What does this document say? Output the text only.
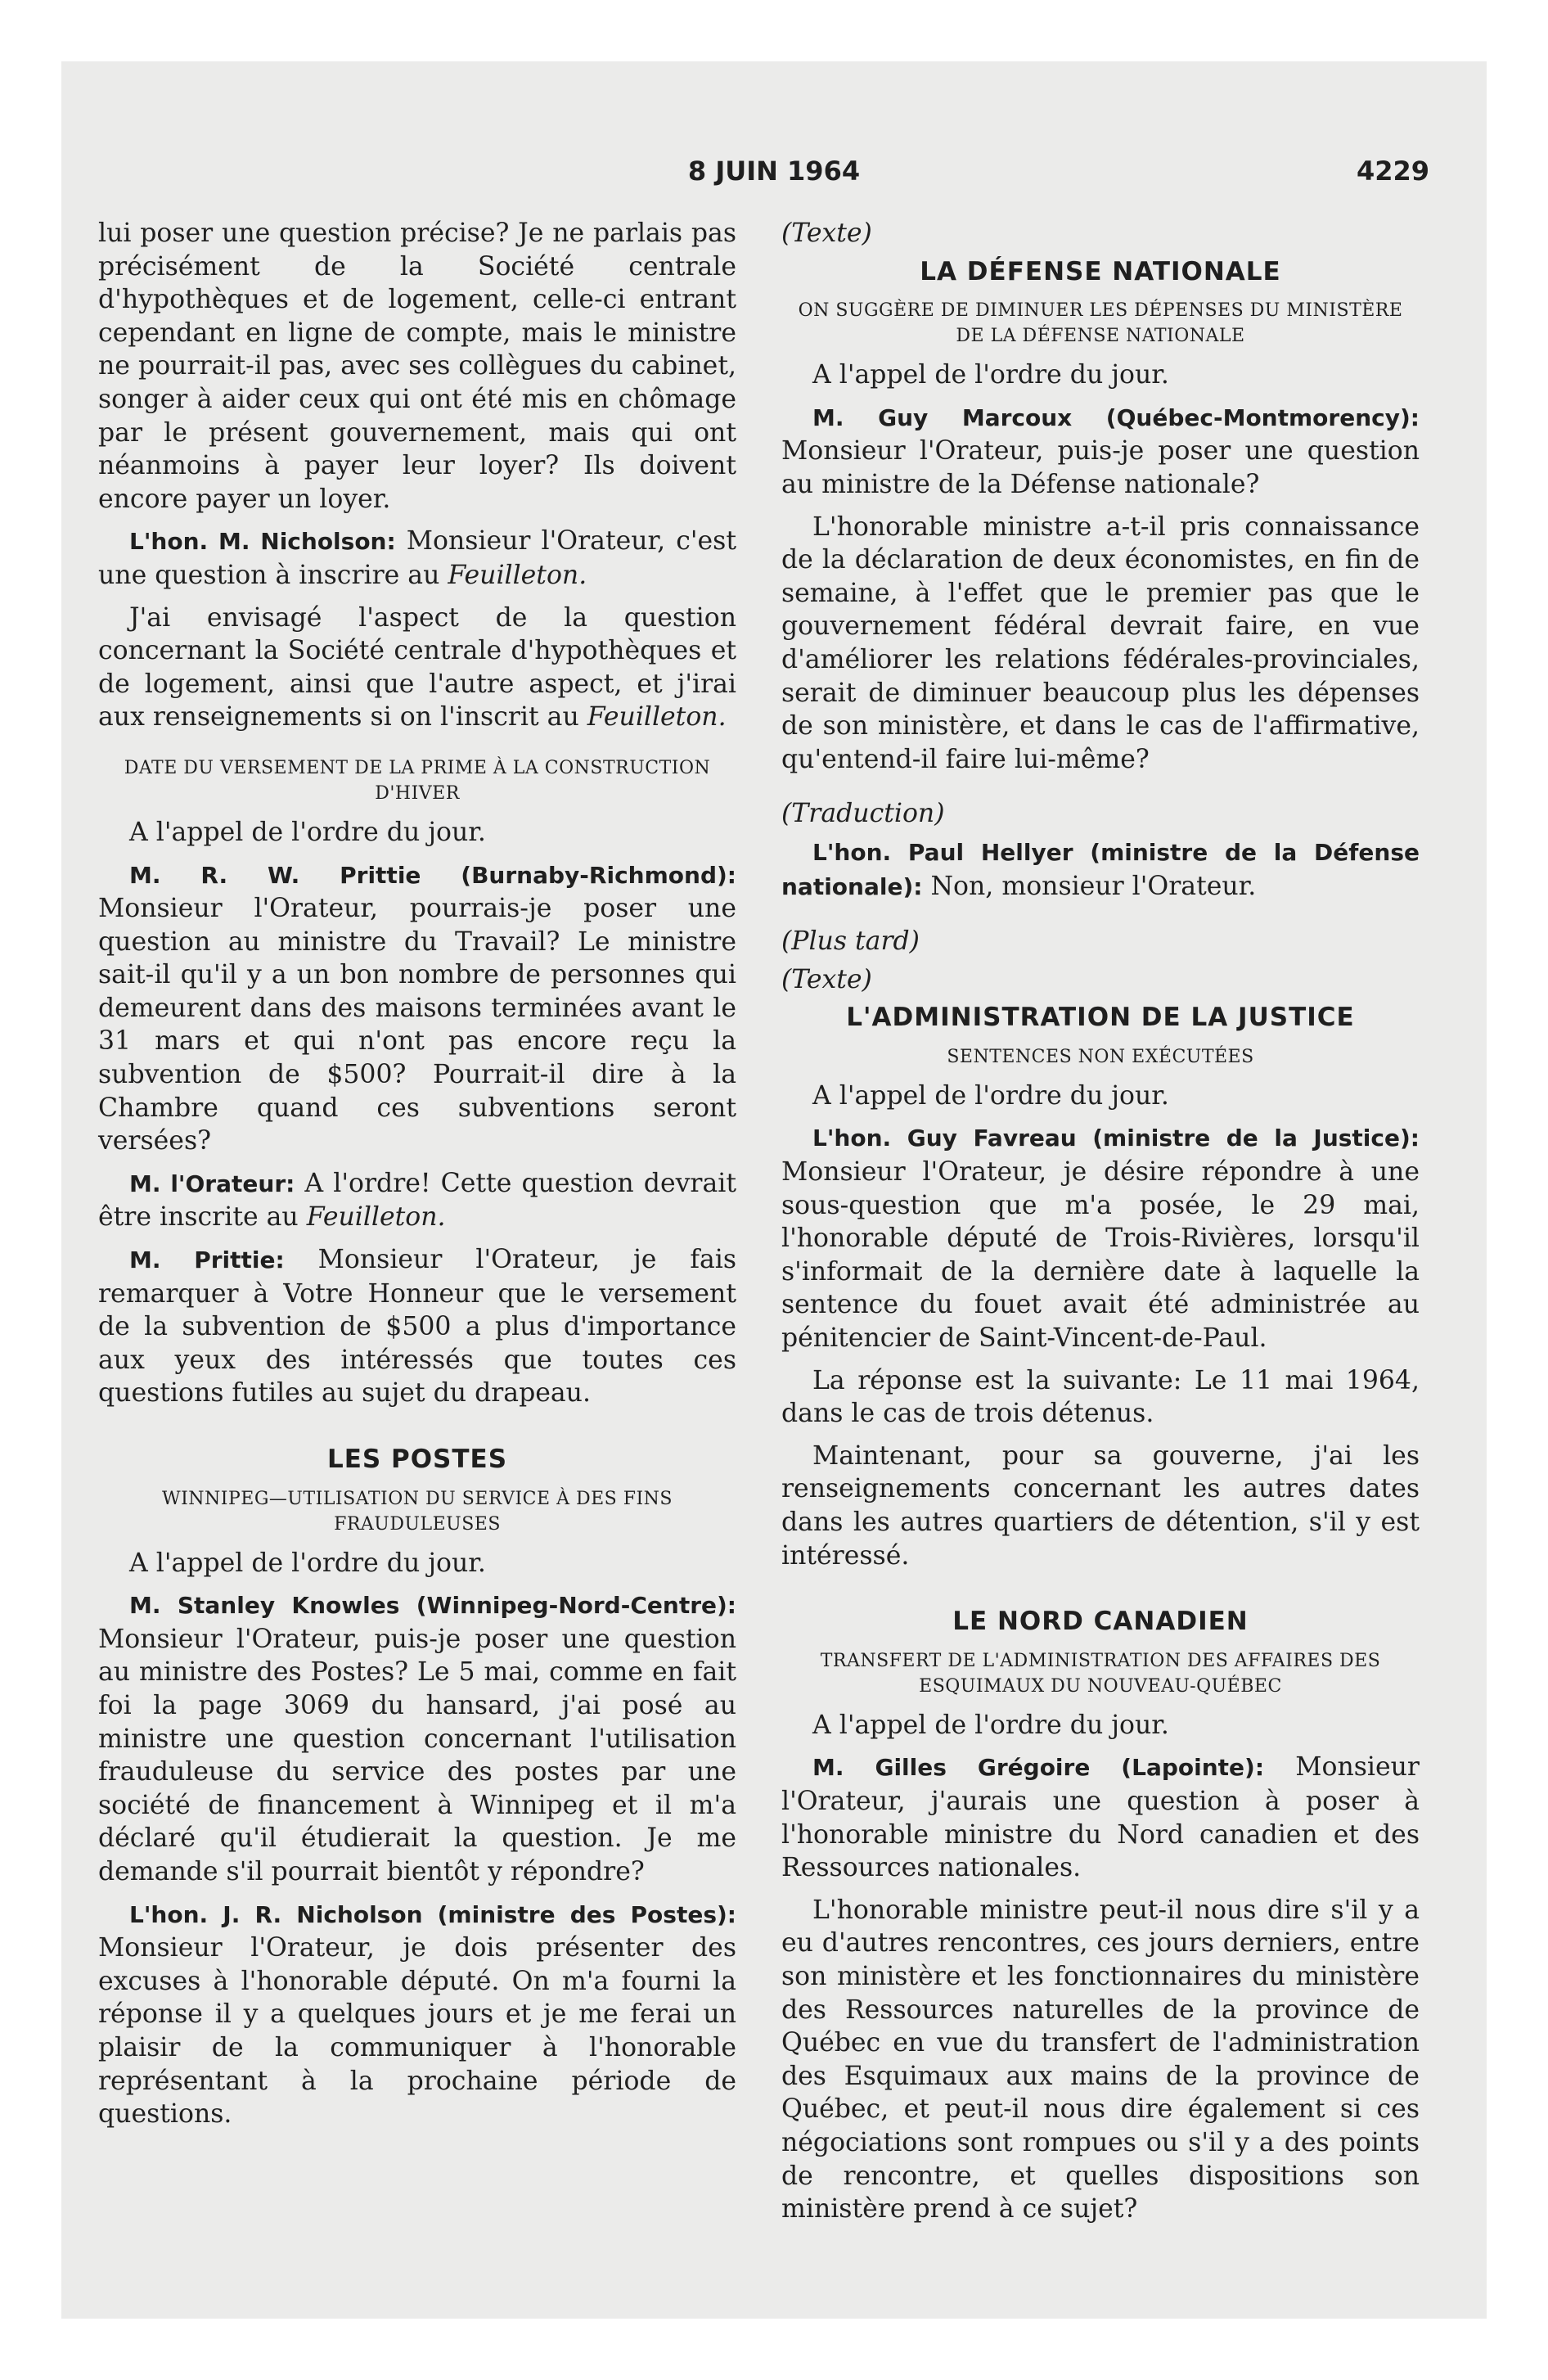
8 JUIN 1964	4229

lui poser une question précise? Je ne parlais pas précisément de la Société centrale d'hypothèques et de logement, celle-ci entrant cependant en ligne de compte, mais le ministre ne pourrait-il pas, avec ses collègues du cabinet, songer à aider ceux qui ont été mis en chômage par le présent gouvernement, mais qui ont néanmoins à payer leur loyer? Ils doivent encore payer un loyer.

L'hon. M. Nicholson: Monsieur l'Orateur, c'est une question à inscrire au Feuilleton.

J'ai envisagé l'aspect de la question concernant la Société centrale d'hypothèques et de logement, ainsi que l'autre aspect, et j'irai aux renseignements si on l'inscrit au Feuilleton.

DATE DU VERSEMENT DE LA PRIME À LA CONSTRUCTION D'HIVER

A l'appel de l'ordre du jour.

M. R. W. Prittie (Burnaby-Richmond): Monsieur l'Orateur, pourrais-je poser une question au ministre du Travail? Le ministre sait-il qu'il y a un bon nombre de personnes qui demeurent dans des maisons terminées avant le 31 mars et qui n'ont pas encore reçu la subvention de $500? Pourrait-il dire à la Chambre quand ces subventions seront versées?

M. l'Orateur: A l'ordre! Cette question devrait être inscrite au Feuilleton.

M. Prittie: Monsieur l'Orateur, je fais remarquer à Votre Honneur que le versement de la subvention de $500 a plus d'importance aux yeux des intéressés que toutes ces questions futiles au sujet du drapeau.

LES POSTES
WINNIPEG—UTILISATION DU SERVICE À DES FINS FRAUDULEUSES

A l'appel de l'ordre du jour.

M. Stanley Knowles (Winnipeg-Nord-Centre): Monsieur l'Orateur, puis-je poser une question au ministre des Postes? Le 5 mai, comme en fait foi la page 3069 du hansard, j'ai posé au ministre une question concernant l'utilisation frauduleuse du service des postes par une société de financement à Winnipeg et il m'a déclaré qu'il étudierait la question. Je me demande s'il pourrait bientôt y répondre?

L'hon. J. R. Nicholson (ministre des Postes): Monsieur l'Orateur, je dois présenter des excuses à l'honorable député. On m'a fourni la réponse il y a quelques jours et je me ferai un plaisir de la communiquer à l'honorable représentant à la prochaine période de questions.

(Texte)
LA DÉFENSE NATIONALE
ON SUGGÈRE DE DIMINUER LES DÉPENSES DU MINISTÈRE DE LA DÉFENSE NATIONALE

A l'appel de l'ordre du jour.

M. Guy Marcoux (Québec-Montmorency): Monsieur l'Orateur, puis-je poser une question au ministre de la Défense nationale?

L'honorable ministre a-t-il pris connaissance de la déclaration de deux économistes, en fin de semaine, à l'effet que le premier pas que le gouvernement fédéral devrait faire, en vue d'améliorer les relations fédérales-provinciales, serait de diminuer beaucoup plus les dépenses de son ministère, et dans le cas de l'affirmative, qu'entend-il faire lui-même?

(Traduction)

L'hon. Paul Hellyer (ministre de la Défense nationale): Non, monsieur l'Orateur.

(Plus tard)
(Texte)
L'ADMINISTRATION DE LA JUSTICE
SENTENCES NON EXÉCUTÉES

A l'appel de l'ordre du jour.

L'hon. Guy Favreau (ministre de la Justice): Monsieur l'Orateur, je désire répondre à une sous-question que m'a posée, le 29 mai, l'honorable député de Trois-Rivières, lorsqu'il s'informait de la dernière date à laquelle la sentence du fouet avait été administrée au pénitencier de Saint-Vincent-de-Paul.

La réponse est la suivante: Le 11 mai 1964, dans le cas de trois détenus.

Maintenant, pour sa gouverne, j'ai les renseignements concernant les autres dates dans les autres quartiers de détention, s'il y est intéressé.

LE NORD CANADIEN
TRANSFERT DE L'ADMINISTRATION DES AFFAIRES DES ESQUIMAUX DU NOUVEAU-QUÉBEC

A l'appel de l'ordre du jour.

M. Gilles Grégoire (Lapointe): Monsieur l'Orateur, j'aurais une question à poser à l'honorable ministre du Nord canadien et des Ressources nationales.

L'honorable ministre peut-il nous dire s'il y a eu d'autres rencontres, ces jours derniers, entre son ministère et les fonctionnaires du ministère des Ressources naturelles de la province de Québec en vue du transfert de l'administration des Esquimaux aux mains de la province de Québec, et peut-il nous dire également si ces négociations sont rompues ou s'il y a des points de rencontre, et quelles dispositions son ministère prend à ce sujet?
